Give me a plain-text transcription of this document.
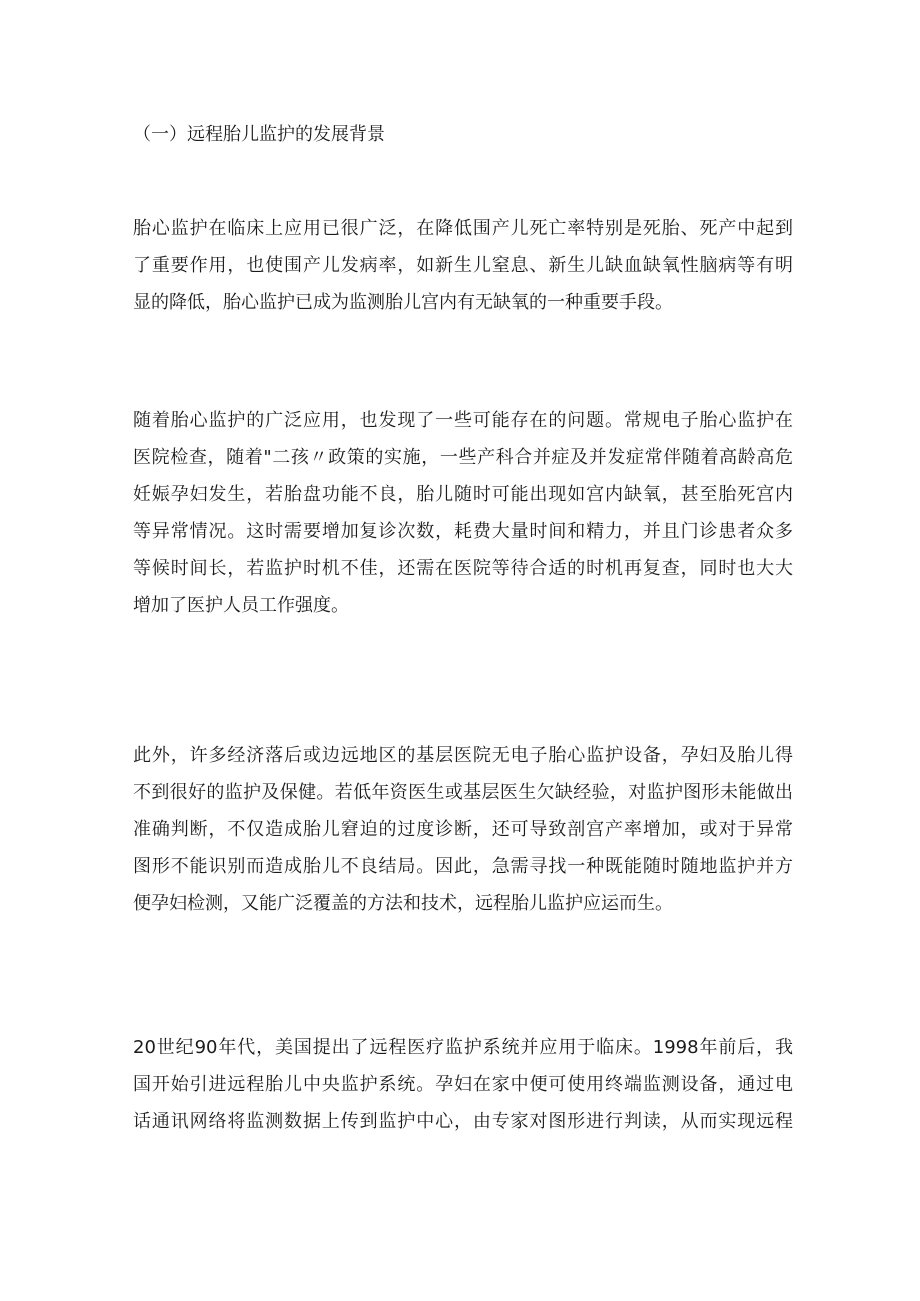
（一）远程胎儿监护的发展背景
胎心监护在临床上应用已很广泛，在降低围产儿死亡率特别是死胎、死产中起到
了重要作用，也使围产儿发病率，如新生儿窒息、新生儿缺血缺氧性脑病等有明
显的降低，胎心监护已成为监测胎儿宫内有无缺氧的一种重要手段。
随着胎心监护的广泛应用，也发现了一些可能存在的问题。常规电子胎心监护在
医院检查，随着"二孩〃政策的实施，一些产科合并症及并发症常伴随着高龄高危
妊娠孕妇发生，若胎盘功能不良，胎儿随时可能出现如宫内缺氧，甚至胎死宫内
等异常情况。这时需要增加复诊次数，耗费大量时间和精力，并且门诊患者众多
等候时间长，若监护时机不佳，还需在医院等待合适的时机再复查，同时也大大
增加了医护人员工作强度。
此外，许多经济落后或边远地区的基层医院无电子胎心监护设备，孕妇及胎儿得
不到很好的监护及保健。若低年资医生或基层医生欠缺经验，对监护图形未能做出
准确判断，不仅造成胎儿窘迫的过度诊断，还可导致剖宫产率增加，或对于异常
图形不能识别而造成胎儿不良结局。因此，急需寻找一种既能随时随地监护并方
便孕妇检测，又能广泛覆盖的方法和技术，远程胎儿监护应运而生。
20世纪90年代，美国提出了远程医疗监护系统并应用于临床。1998年前后，我
国开始引进远程胎儿中央监护系统。孕妇在家中便可使用终端监测设备，通过电
话通讯网络将监测数据上传到监护中心，由专家对图形进行判读，从而实现远程
